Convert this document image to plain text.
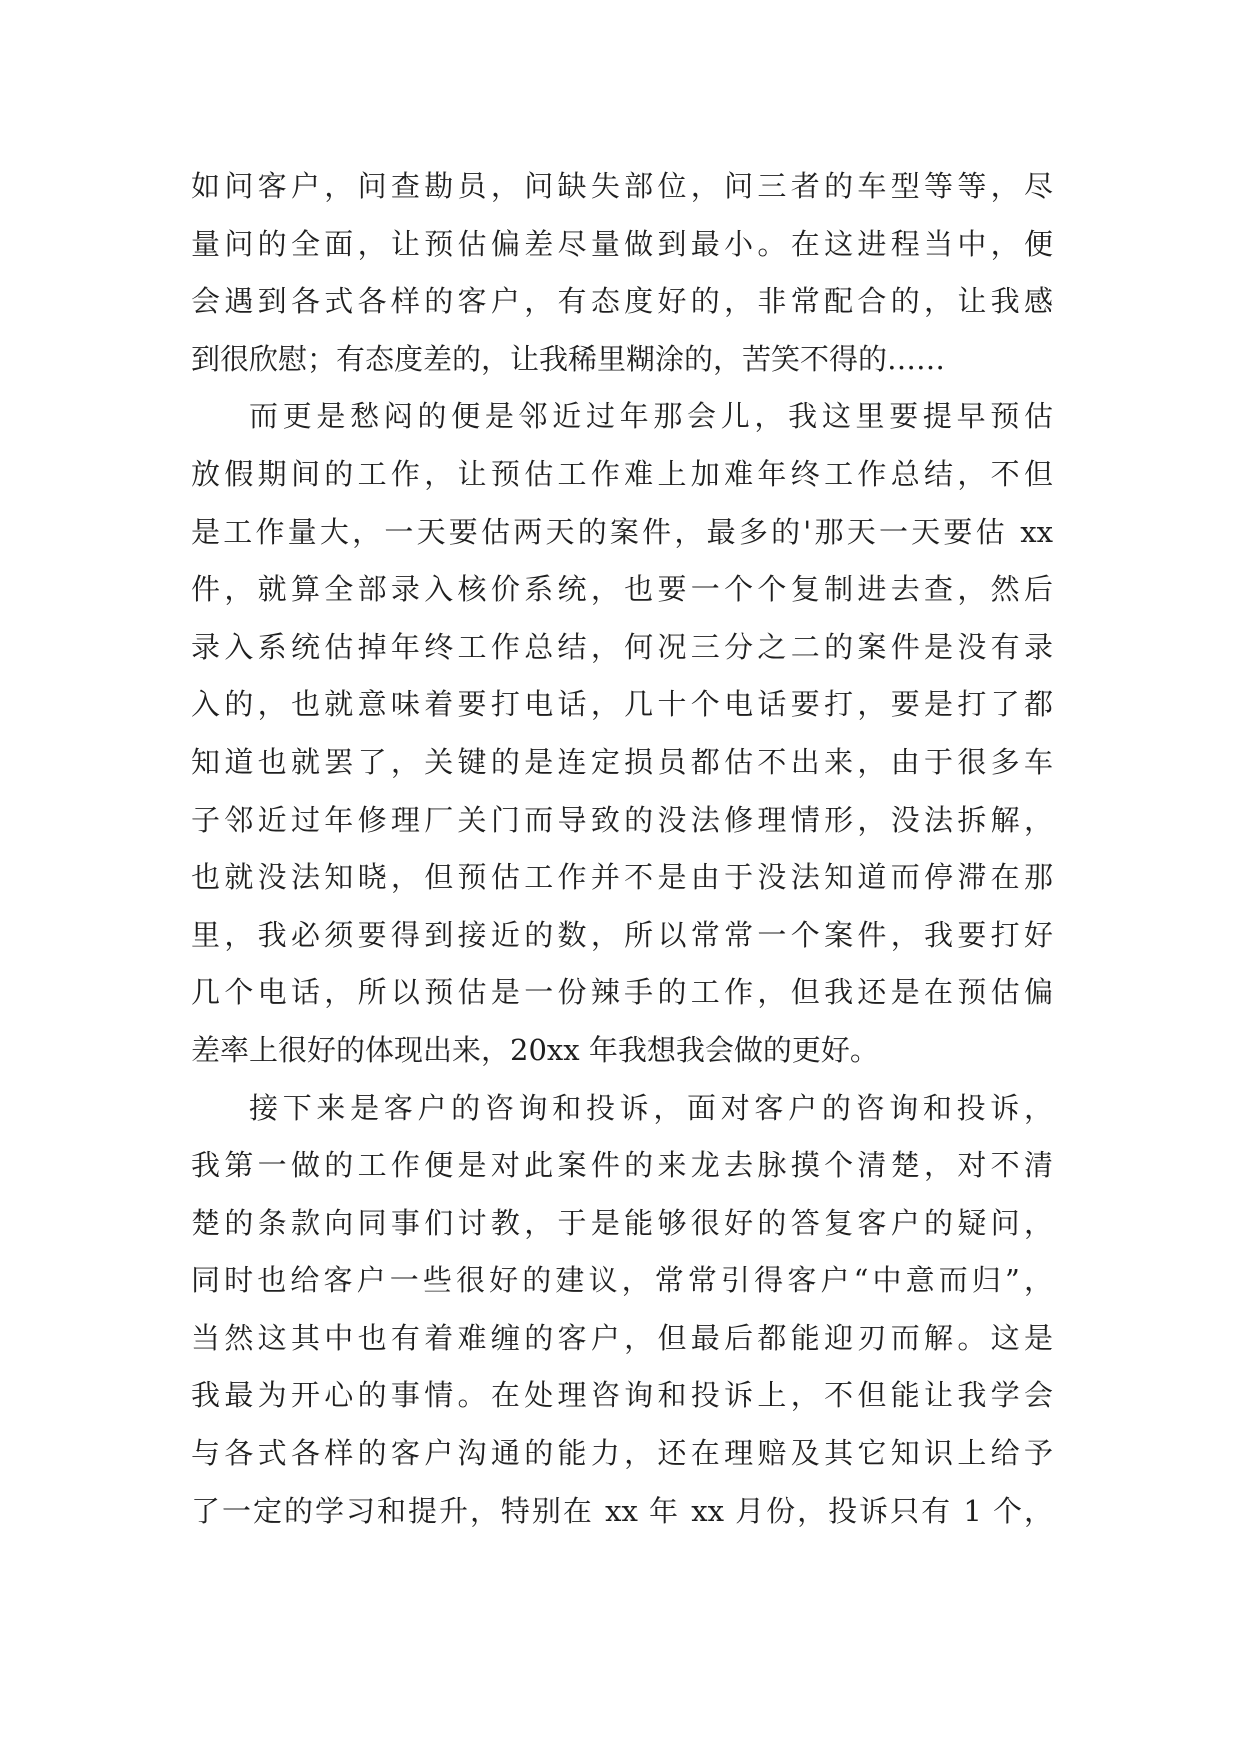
如问客户，问查勘员，问缺失部位，问三者的车型等等，尽
量问的全面，让预估偏差尽量做到最小。在这进程当中，便
会遇到各式各样的客户，有态度好的，非常配合的，让我感
到很欣慰；有态度差的，让我稀里糊涂的，苦笑不得的……
而更是愁闷的便是邻近过年那会儿，我这里要提早预估
放假期间的工作，让预估工作难上加难年终工作总结，不但
是工作量大，一天要估两天的案件，最多的'那天一天要估 xx
件，就算全部录入核价系统，也要一个个复制进去查，然后
录入系统估掉年终工作总结，何况三分之二的案件是没有录
入的，也就意味着要打电话，几十个电话要打，要是打了都
知道也就罢了，关键的是连定损员都估不出来，由于很多车
子邻近过年修理厂关门而导致的没法修理情形，没法拆解，
也就没法知晓，但预估工作并不是由于没法知道而停滞在那
里，我必须要得到接近的数，所以常常一个案件，我要打好
几个电话，所以预估是一份辣手的工作，但我还是在预估偏
差率上很好的体现出来，20xx 年我想我会做的更好。
接下来是客户的咨询和投诉，面对客户的咨询和投诉，
我第一做的工作便是对此案件的来龙去脉摸个清楚，对不清
楚的条款向同事们讨教，于是能够很好的答复客户的疑问，
同时也给客户一些很好的建议，常常引得客户“中意而归”，
当然这其中也有着难缠的客户，但最后都能迎刃而解。这是
我最为开心的事情。在处理咨询和投诉上，不但能让我学会
与各式各样的客户沟通的能力，还在理赔及其它知识上给予
了一定的学习和提升，特别在 xx 年 xx 月份，投诉只有 1 个，
